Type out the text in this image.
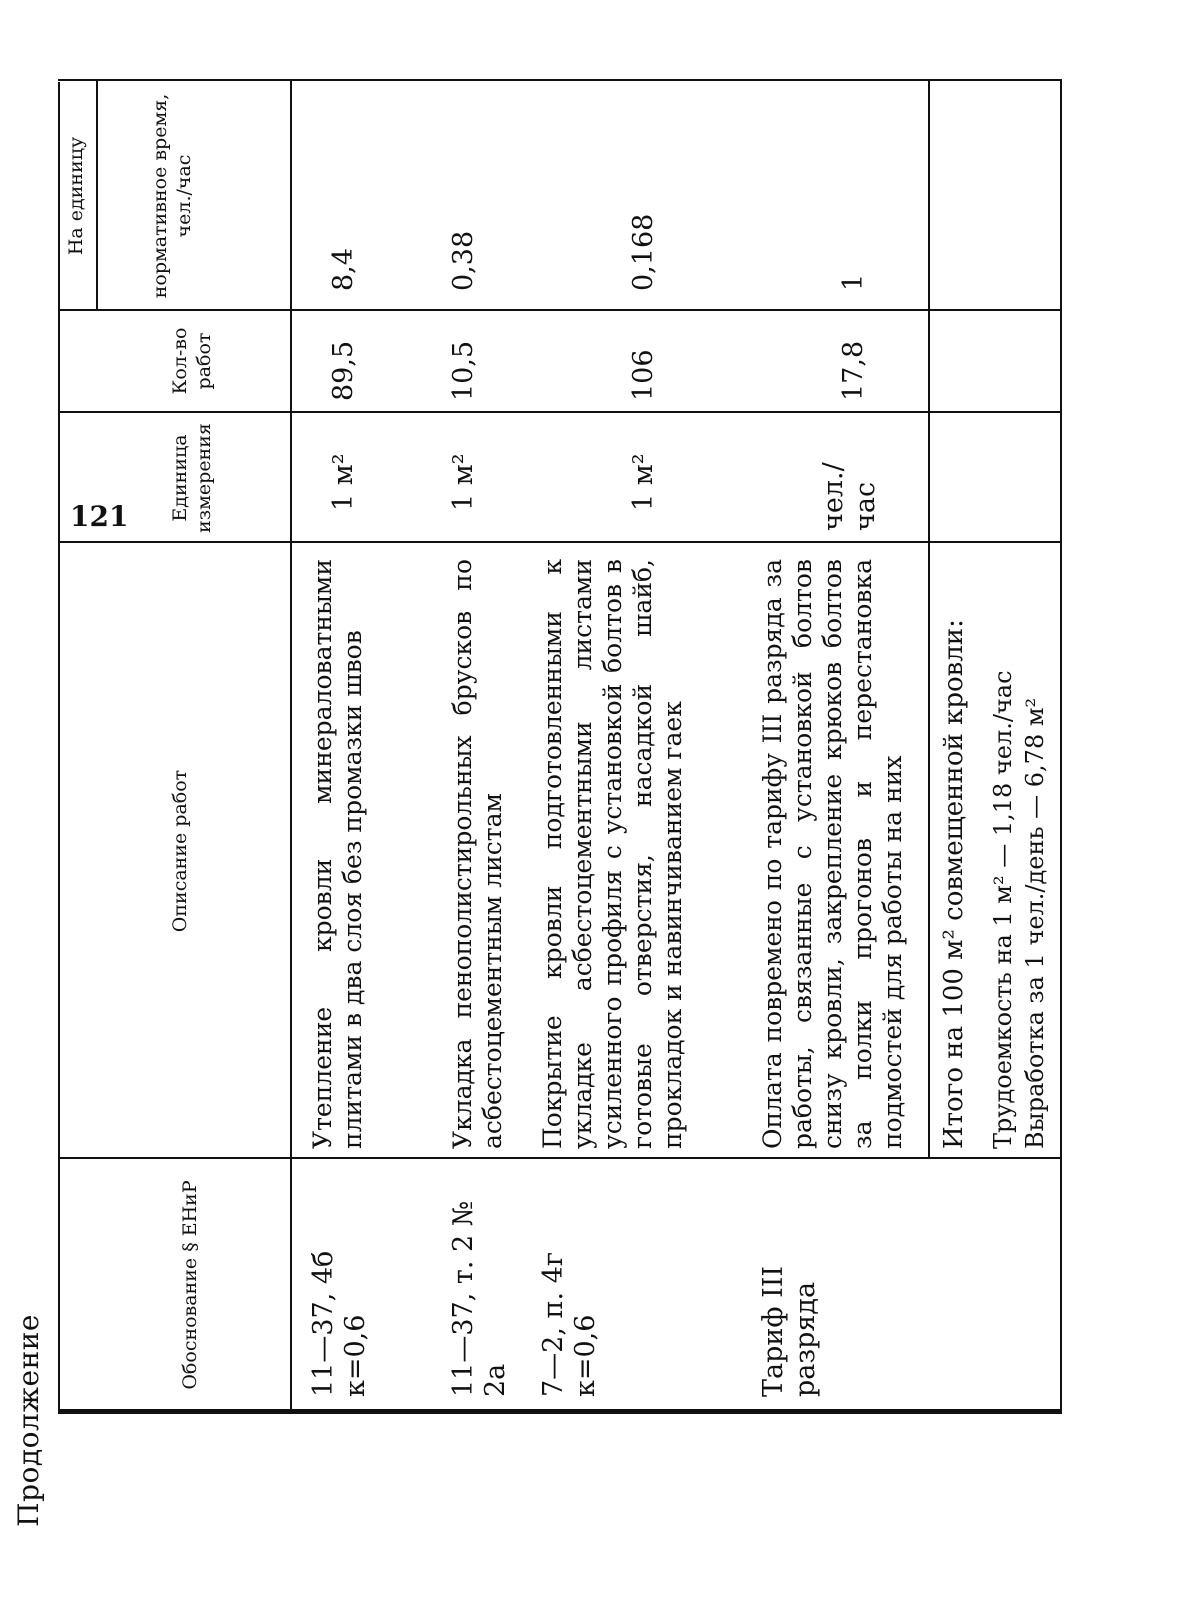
Продолжение
Обоснование § ЕНиР
Описание работ
Единица измерения
Кол-во работ
На единицу	нормативное время, чел./час
11—37, 4б к=0,6
Утепление кровли минераловатными плитами в два слоя без промазки швов
1 м²
89,5
8,4
11—37, т. 2 № 2а
Укладка пенополистирольных брусков по асбестоцементным листам
1 м²
10,5
0,38
7—2, п. 4г к=0,6
Покрытие кровли подготовленными к укладке асбестоцементными листами усиленного профиля с установкой болтов в готовые отверстия, насадкой шайб, прокладок и навинчиванием гаек
1 м²
106
0,168
Тариф III разряда
Оплата повремено по тарифу III разряда за работы, связанные с установкой болтов снизу кровли, закрепление крюков болтов за полки прогонов и перестановка подмостей для работы на них
чел./час
17,8
1
Итого на 100 м² совмещенной кровли: Трудоемкость на 1 м² — 1,18 чел./час Выработка за 1 чел./день — 6,78 м²
121
